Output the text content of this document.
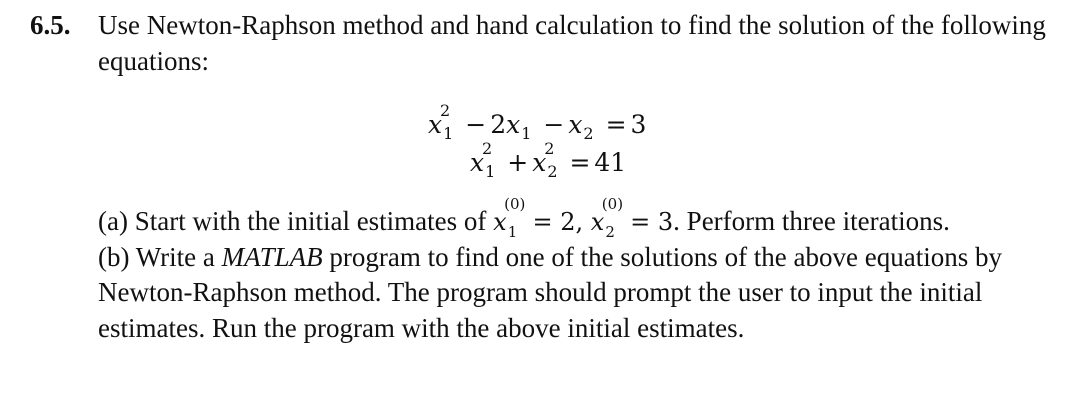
6.5. Use Newton-Raphson method and hand calculation to find the solution of the following equations:
x
2
$_1 - 2x_1 - x_2 = 3$
x
2
$_1$ + x
2
$_2$ = 41

(a) Start with the initial estimates of x
(0)
$_1$  = 2, x
(0)
$_2$  = 3. Perform three iterations.

(b) Write a MATLAB program to find one of the solutions of the above equations by Newton-Raphson method. The program should prompt the user to input the initial estimates. Run the program with the above initial estimates.
